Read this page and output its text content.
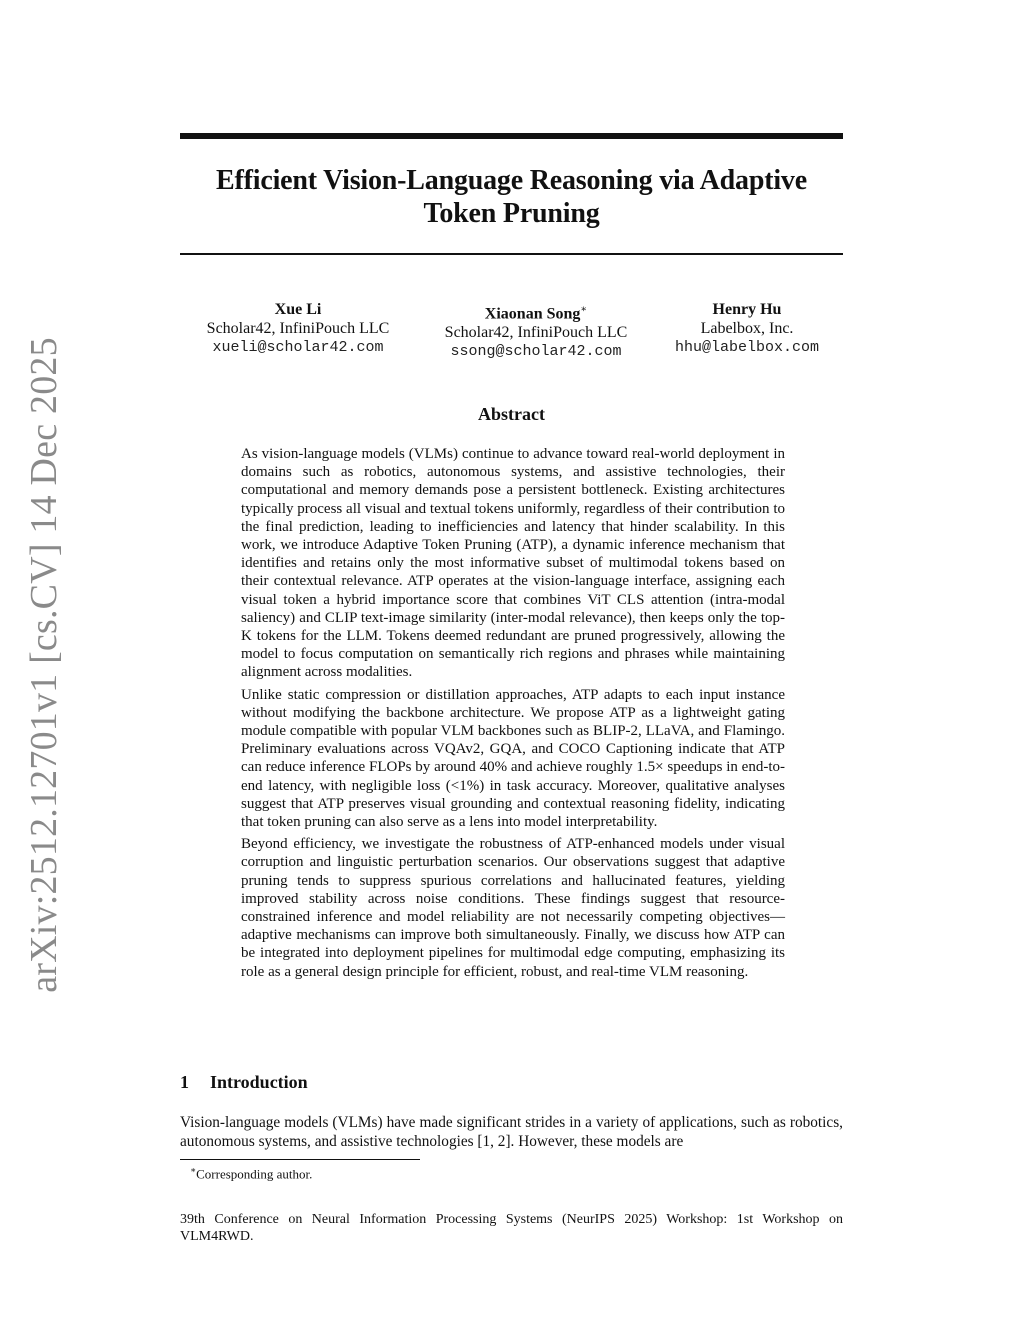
arXiv:2512.12701v1 [cs.CV] 14 Dec 2025
Efficient Vision-Language Reasoning via Adaptive Token Pruning
Xue Li
Scholar42, InfiniPouch LLC
xueli@scholar42.com
Xiaonan Song∗
Scholar42, InfiniPouch LLC
ssong@scholar42.com
Henry Hu
Labelbox, Inc.
hhu@labelbox.com
Abstract

As vision-language models (VLMs) continue to advance toward real-world deployment in domains such as robotics, autonomous systems, and assistive technologies, their computational and memory demands pose a persistent bottleneck. Existing architectures typically process all visual and textual tokens uniformly, regardless of their contribution to the final prediction, leading to inefficiencies and latency that hinder scalability. In this work, we introduce Adaptive Token Pruning (ATP), a dynamic inference mechanism that identifies and retains only the most informative subset of multimodal tokens based on their contextual relevance. ATP operates at the vision-language interface, assigning each visual token a hybrid importance score that combines ViT CLS attention (intra-modal saliency) and CLIP text-image similarity (inter-modal relevance), then keeps only the top-K tokens for the LLM. Tokens deemed redundant are pruned progressively, allowing the model to focus computation on semantically rich regions and phrases while maintaining alignment across modalities.

Unlike static compression or distillation approaches, ATP adapts to each input instance without modifying the backbone architecture. We propose ATP as a lightweight gating module compatible with popular VLM backbones such as BLIP-2, LLaVA, and Flamingo. Preliminary evaluations across VQAv2, GQA, and COCO Captioning indicate that ATP can reduce inference FLOPs by around 40% and achieve roughly 1.5× speedups in end-to-end latency, with negligible loss (<1%) in task accuracy. Moreover, qualitative analyses suggest that ATP preserves visual grounding and contextual reasoning fidelity, indicating that token pruning can also serve as a lens into model interpretability.

Beyond efficiency, we investigate the robustness of ATP-enhanced models under visual corruption and linguistic perturbation scenarios. Our observations suggest that adaptive pruning tends to suppress spurious correlations and hallucinated features, yielding improved stability across noise conditions. These findings suggest that resource-constrained inference and model reliability are not necessarily competing objectives—adaptive mechanisms can improve both simultaneously. Finally, we discuss how ATP can be integrated into deployment pipelines for multimodal edge computing, emphasizing its role as a general design principle for efficient, robust, and real-time VLM reasoning.

1 Introduction

Vision-language models (VLMs) have made significant strides in a variety of applications, such as robotics, autonomous systems, and assistive technologies [1, 2]. However, these models are

∗Corresponding author.
39th Conference on Neural Information Processing Systems (NeurIPS 2025) Workshop: 1st Workshop on VLM4RWD.
